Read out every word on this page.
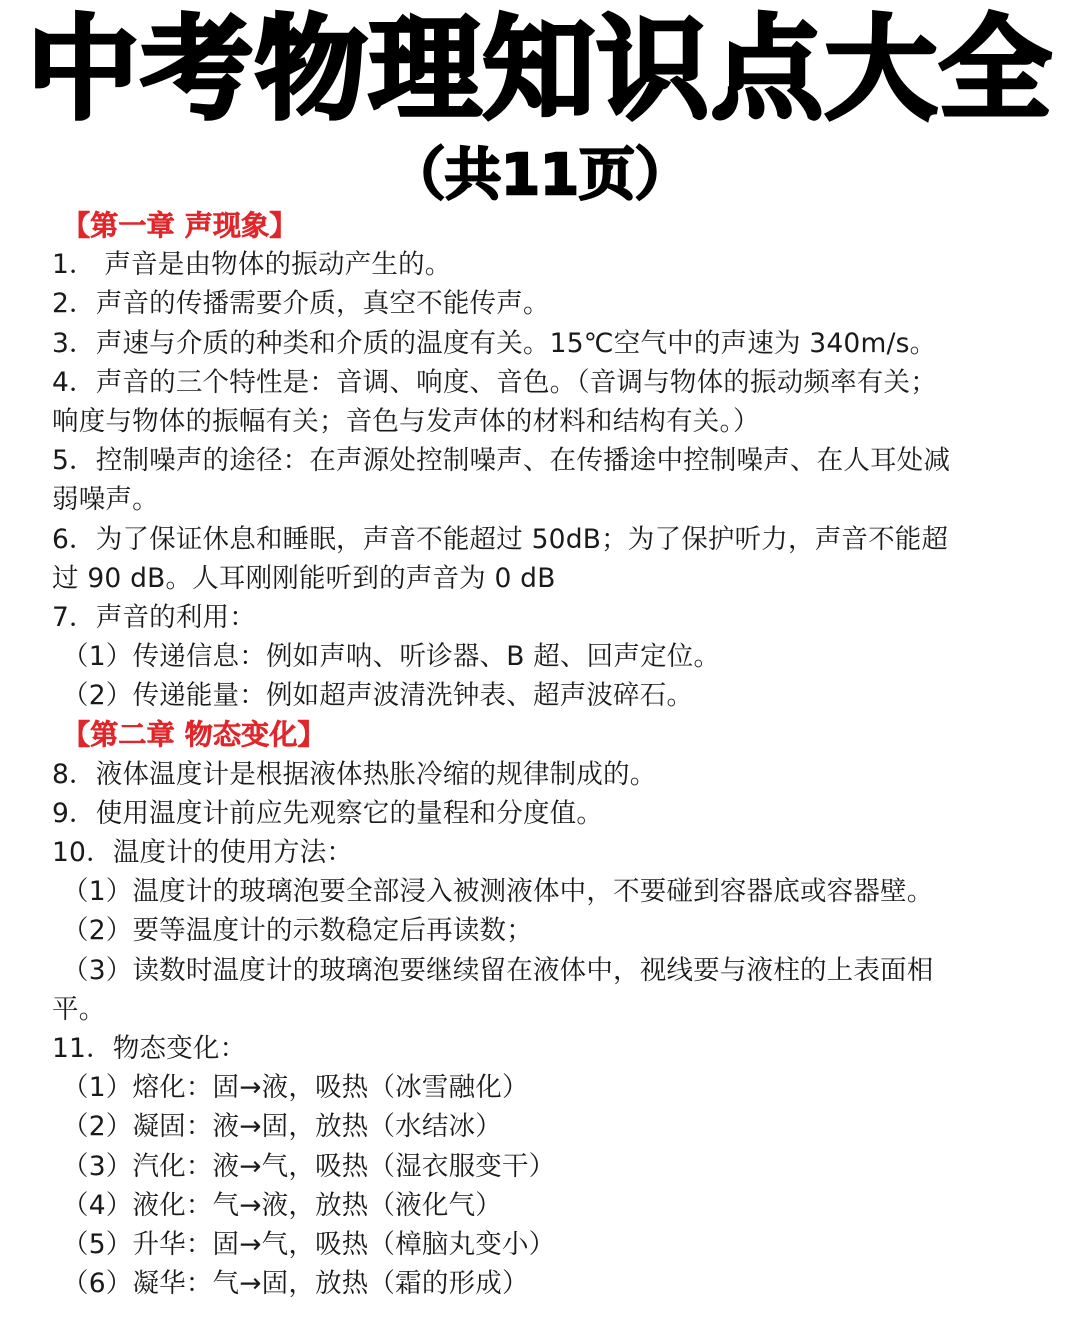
中考物理知识点大全
（共11页）
【第一章 声现象】
1． 声音是由物体的振动产生的。
2．声音的传播需要介质，真空不能传声。
3．声速与介质的种类和介质的温度有关。15℃空气中的声速为 340m/s。
4．声音的三个特性是：音调、响度、音色。（音调与物体的振动频率有关；
响度与物体的振幅有关；音色与发声体的材料和结构有关。）
5．控制噪声的途径：在声源处控制噪声、在传播途中控制噪声、在人耳处减
弱噪声。
6．为了保证休息和睡眠，声音不能超过 50dB；为了保护听力，声音不能超
过 90 dB。人耳刚刚能听到的声音为 0 dB
7．声音的利用：
（1）传递信息：例如声呐、听诊器、B 超、回声定位。
（2）传递能量：例如超声波清洗钟表、超声波碎石。
【第二章 物态变化】
8．液体温度计是根据液体热胀冷缩的规律制成的。
9．使用温度计前应先观察它的量程和分度值。
10．温度计的使用方法：
（1）温度计的玻璃泡要全部浸入被测液体中，不要碰到容器底或容器壁。
（2）要等温度计的示数稳定后再读数；
（3）读数时温度计的玻璃泡要继续留在液体中，视线要与液柱的上表面相
平。
11．物态变化：
（1）熔化：固→液，吸热（冰雪融化）
（2）凝固：液→固，放热（水结冰）
（3）汽化：液→气，吸热（湿衣服变干）
（4）液化：气→液，放热（液化气）
（5）升华：固→气，吸热（樟脑丸变小）
（6）凝华：气→固，放热（霜的形成）
